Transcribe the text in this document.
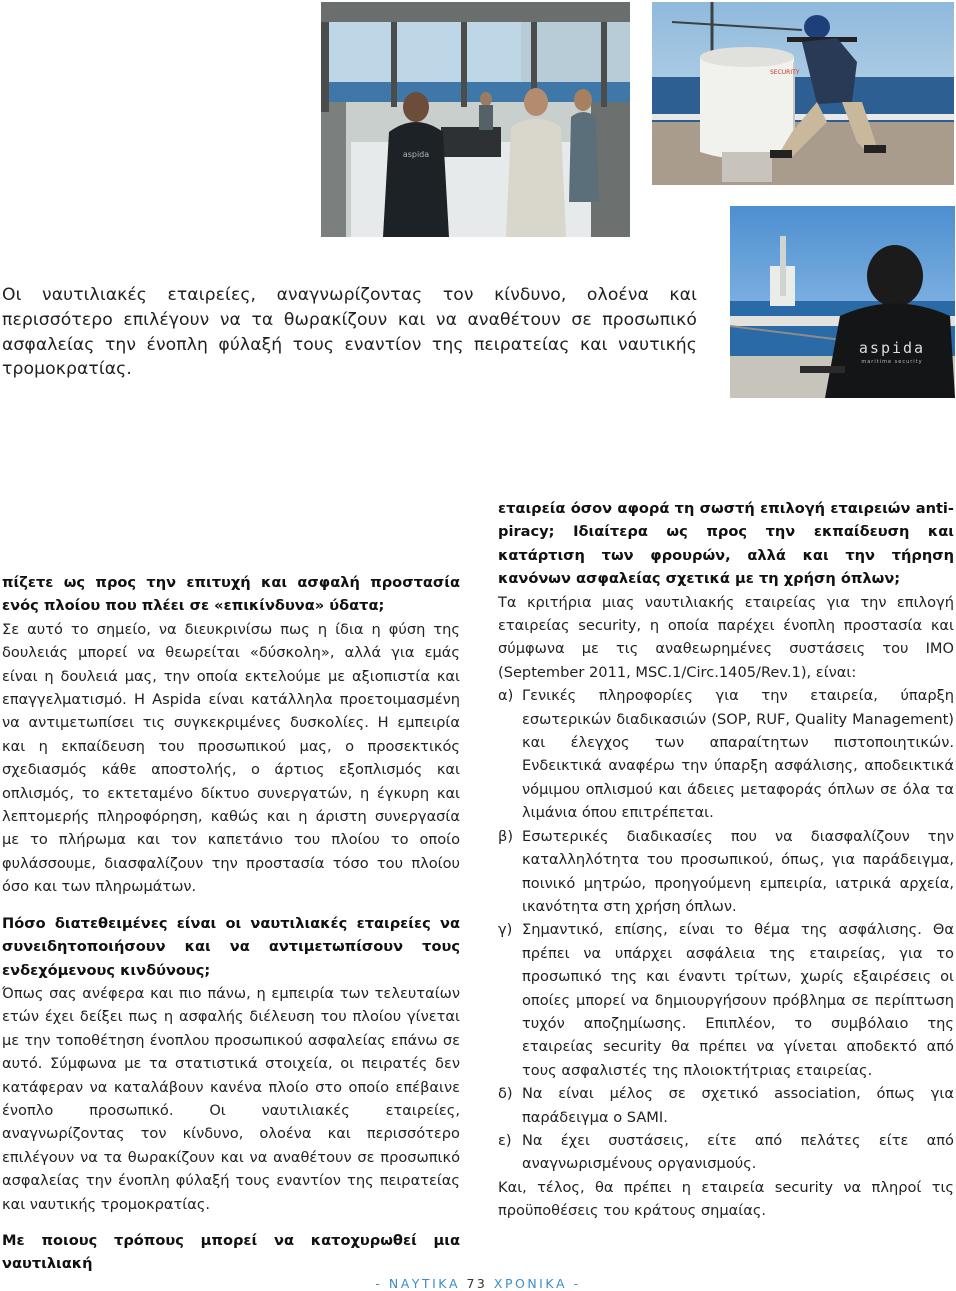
aspida
SECURITY
aspida
maritime security
Οι ναυτιλιακές εταιρείες, αναγνωρίζοντας τον κίνδυνο, ολοένα και περισσότερο επιλέγουν να τα θωρακίζουν και να αναθέτουν σε προσωπικό ασφαλείας την ένοπλη φύλαξή τους εναντίον της πειρατείας και ναυτικής τρομοκρατίας.

πίζετε ως προς την επιτυχή και ασφαλή προστασία ενός πλοίου που πλέει σε «επικίνδυνα» ύδατα;

Σε αυτό το σημείο, να διευκρινίσω πως η ίδια η φύση της δουλειάς μπορεί να θεωρείται «δύσκολη», αλλά για εμάς είναι η δουλειά μας, την οποία εκτελούμε με αξιοπιστία και επαγγελματισμό. Η Aspida είναι κατάλληλα προετοιμασμένη να αντιμετωπίσει τις συγκεκριμένες δυσκολίες. Η εμπειρία και η εκπαίδευση του προσωπικού μας, ο προσεκτικός σχεδιασμός κάθε αποστολής, ο άρτιος εξοπλισμός και οπλισμός, το εκτεταμένο δίκτυο συνεργατών, η έγκυρη και λεπτομερής πληροφόρηση, καθώς και η άριστη συνεργασία με το πλήρωμα και τον καπετάνιο του πλοίου το οποίο φυλάσσουμε, διασφαλίζουν την προστασία τόσο του πλοίου όσο και των πληρωμάτων.

Πόσο διατεθειμένες είναι οι ναυτιλιακές εταιρείες να συνειδητοποιήσουν και να αντιμετωπίσουν τους ενδεχόμενους κινδύνους;

Όπως σας ανέφερα και πιο πάνω, η εμπειρία των τελευταίων ετών έχει δείξει πως η ασφαλής διέλευση του πλοίου γίνεται με την τοποθέτηση ένοπλου προσωπικού ασφαλείας επάνω σε αυτό. Σύμφωνα με τα στατιστικά στοιχεία, οι πειρατές δεν κατάφεραν να καταλάβουν κανένα πλοίο στο οποίο επέβαινε ένοπλο προσωπικό. Οι ναυτιλιακές εταιρείες, αναγνωρίζοντας τον κίνδυνο, ολοένα και περισσότερο επιλέγουν να τα θωρακίζουν και να αναθέτουν σε προσωπικό ασφαλείας την ένοπλη φύλαξή τους εναντίον της πειρατείας και ναυτικής τρομοκρατίας.

Με ποιους τρόπους μπορεί να κατοχυρωθεί μια ναυτιλιακή

εταιρεία όσον αφορά τη σωστή επιλογή εταιρειών anti-piracy; Ιδιαίτερα ως προς την εκπαίδευση και κατάρτιση των φρουρών, αλλά και την τήρηση κανόνων ασφαλείας σχετικά με τη χρήση όπλων;

Τα κριτήρια μιας ναυτιλιακής εταιρείας για την επιλογή εταιρείας security, η οποία παρέχει ένοπλη προστασία και σύμφωνα με τις αναθεωρημένες συστάσεις του IMO (September 2011, MSC.1/Circ.1405/Rev.1), είναι:

α) Γενικές πληροφορίες για την εταιρεία, ύπαρξη εσωτερικών διαδικασιών (SOP, RUF, Quality Management) και έλεγχος των απαραίτητων πιστοποιητικών. Ενδεικτικά αναφέρω την ύπαρξη ασφάλισης, αποδεικτικά νόμιμου οπλισμού και άδειες μεταφοράς όπλων σε όλα τα λιμάνια όπου επιτρέπεται.
β) Εσωτερικές διαδικασίες που να διασφαλίζουν την καταλληλότητα του προσωπικού, όπως, για παράδειγμα, ποινικό μητρώο, προηγούμενη εμπειρία, ιατρικά αρχεία, ικανότητα στη χρήση όπλων.
γ) Σημαντικό, επίσης, είναι το θέμα της ασφάλισης. Θα πρέπει να υπάρχει ασφάλεια της εταιρείας, για το προσωπικό της και έναντι τρίτων, χωρίς εξαιρέσεις οι οποίες μπορεί να δημιουργήσουν πρόβλημα σε περίπτωση τυχόν αποζημίωσης. Επιπλέον, το συμβόλαιο της εταιρείας security θα πρέπει να γίνεται αποδεκτό από τους ασφαλιστές της πλοιοκτήτριας εταιρείας.
δ) Να είναι μέλος σε σχετικό association, όπως για παράδειγμα ο SAMI.
ε) Να έχει συστάσεις, είτε από πελάτες είτε από αναγνωρισμένους οργανισμούς.

Και, τέλος, θα πρέπει η εταιρεία security να πληροί τις προϋποθέσεις του κράτους σημαίας.

- ΝΑΥΤΙΚΑ 73 ΧΡΟΝΙΚΑ -
